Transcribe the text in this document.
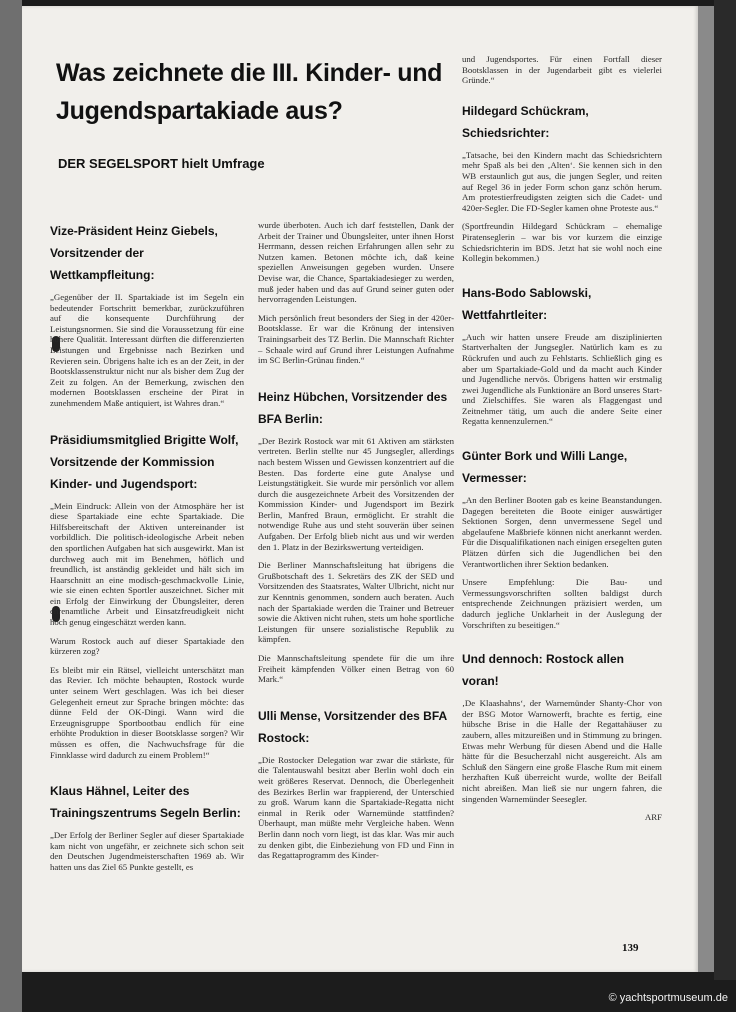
Was zeichnete die III. Kinder- und Jugendspartakiade aus?
DER SEGELSPORT hielt Umfrage
Vize-Präsident Heinz Giebels, Vorsitzender der Wettkampfleitung:

„Gegenüber der II. Spartakiade ist im Segeln ein bedeutender Fortschritt bemerkbar, zurückzuführen auf die konsequente Durchführung der Leistungsnormen. Sie sind die Voraussetzung für eine höhere Qualität. Interessant dürften die differenzierten Leistungen und Ergebnisse nach Bezirken und Revieren sein. Übrigens halte ich es an der Zeit, in der Bootsklassenstruktur nicht nur als bisher dem Zug der Zeit zu folgen. An der Bemerkung, zwischen den modernen Bootsklassen erscheine der Pirat in zunehmendem Maße antiquiert, ist Wahres dran.“

Präsidiumsmitglied Brigitte Wolf, Vorsitzende der Kommission Kinder- und Jugendsport:

„Mein Eindruck: Allein von der Atmosphäre her ist diese Spartakiade eine echte Spartakiade. Die Hilfsbereitschaft der Aktiven untereinander ist vorbildlich. Die politisch-ideologische Arbeit neben den sportlichen Aufgaben hat sich ausgewirkt. Man ist durchweg auch mit im Benehmen, höflich und freundlich, ist anständig gekleidet und hält sich im Haarschnitt an eine modisch-geschmackvolle Linie, wie sie einen echten Sportler auszeichnet. Sicher mit ein Erfolg der Einwirkung der Übungsleiter, deren ehrenamtliche Arbeit und Einsatzfreudigkeit nicht hoch genug eingeschätzt werden kann.

Warum Rostock auch auf dieser Spartakiade den kürzeren zog?

Es bleibt mir ein Rätsel, vielleicht unterschätzt man das Revier. Ich möchte behaupten, Rostock wurde unter seinem Wert geschlagen. Was ich bei dieser Gelegenheit erneut zur Sprache bringen möchte: das dünne Feld der OK-Dingi. Wann wird die Erzeugnisgruppe Sportbootbau endlich für eine erhöhte Produktion in dieser Bootsklasse sorgen? Wir müssen es offen, die Nachwuchsfrage für die Finnklasse wird dadurch zu einem Problem!“

Klaus Hähnel, Leiter des Trainingszentrums Segeln Berlin:

„Der Erfolg der Berliner Segler auf dieser Spartakiade kam nicht von ungefähr, er zeichnete sich schon seit den Deutschen Jugendmeisterschaften 1969 ab. Wir hatten uns das Ziel 65 Punkte gestellt, es

wurde überboten. Auch ich darf feststellen, Dank der Arbeit der Trainer und Übungsleiter, unter ihnen Horst Herrmann, dessen reichen Erfahrungen allen sehr zu Nutzen kamen. Betonen möchte ich, daß keine speziellen Anweisungen gegeben wurden. Unsere Devise war, die Chance, Spartakiadesieger zu werden, muß jeder haben und das auf Grund seiner guten oder hervorragenden Leistungen.

Mich persönlich freut besonders der Sieg in der 420er-Bootsklasse. Er war die Krönung der intensiven Trainingsarbeit des TZ Berlin. Die Mannschaft Richter – Schaale wird auf Grund ihrer Leistungen Aufnahme im SC Berlin-Grünau finden.“

Heinz Hübchen, Vorsitzender des BFA Berlin:

„Der Bezirk Rostock war mit 61 Aktiven am stärksten vertreten. Berlin stellte nur 45 Jungsegler, allerdings nach bestem Wissen und Gewissen konzentriert auf die Besten. Das forderte eine gute Analyse und Leistungstätigkeit. Sie wurde mir persönlich vor allem durch die ausgezeichnete Arbeit des Vorsitzenden der Kommission Kinder- und Jugendsport im Bezirk Berlin, Manfred Braun, ermöglicht. Er strahlt die notwendige Ruhe aus und steht souverän über seinen Aufgaben. Der Erfolg blieb nicht aus und wir werden den 1. Platz in der Bezirkswertung verteidigen.

Die Berliner Mannschaftsleitung hat übrigens die Grußbotschaft des 1. Sekretärs des ZK der SED und Vorsitzenden des Staatsrates, Walter Ulbricht, nicht nur zur Kenntnis genommen, sondern auch beraten. Auch nach der Spartakiade werden die Trainer und Betreuer sowie die Aktiven nicht ruhen, stets um hohe sportliche Leistungen für unsere sozialistische Republik zu kämpfen.

Die Mannschaftsleitung spendete für die um ihre Freiheit kämpfenden Völker einen Betrag von 60 Mark.“

Ulli Mense, Vorsitzender des BFA Rostock:

„Die Rostocker Delegation war zwar die stärkste, für die Talentauswahl besitzt aber Berlin wohl doch ein weit größeres Reservat. Dennoch, die Überlegenheit des Bezirkes Berlin war frappierend, der Unterschied zu groß. Warum kann die Spartakiade-Regatta nicht einmal in Rerik oder Warnemünde stattfinden? Überhaupt, man müßte mehr Vergleiche haben. Wenn Berlin dann noch vorn liegt, ist das klar. Was mir auch zu denken gibt, die Einbeziehung von FD und Finn in das Regattaprogramm des Kinder-

und Jugendsportes. Für einen Fortfall dieser Bootsklassen in der Jugendarbeit gibt es vielerlei Gründe.“

Hildegard Schückram, Schiedsrichter:

„Tatsache, bei den Kindern macht das Schiedsrichtern mehr Spaß als bei den ‚Alten‘. Sie kennen sich in den WB erstaunlich gut aus, die jungen Segler, und reiten auf Regel 36 in jeder Form schon ganz schön herum. Am protestierfreudigsten zeigten sich die Cadet- und 420er-Segler. Die FD-Segler kamen ohne Proteste aus.“

(Sportfreundin Hildegard Schückram – ehemalige Piratenseglerin – war bis vor kurzem die einzige Schiedsrichterin im BDS. Jetzt hat sie wohl noch eine Kollegin bekommen.)

Hans-Bodo Sablowski, Wettfahrtleiter:

„Auch wir hatten unsere Freude am disziplinierten Startverhalten der Jungsegler. Natürlich kam es zu Rückrufen und auch zu Fehlstarts. Schließlich ging es aber um Spartakiade-Gold und da macht auch Kinder und Jugendliche nervös. Übrigens hatten wir erstmalig zwei Jugendliche als Funktionäre an Bord unseres Start- und Zielschiffes. Sie waren als Flaggengast und Zeitnehmer tätig, um auch die andere Seite einer Regatta kennenzulernen.“

Günter Bork und Willi Lange, Vermesser:

„An den Berliner Booten gab es keine Beanstandungen. Dagegen bereiteten die Boote einiger auswärtiger Sektionen Sorgen, denn unvermessene Segel und abgelaufene Maßbriefe können nicht anerkannt werden. Für die Disqualifikationen nach einigen ersegelten guten Plätzen dürfen sich die Jugendlichen bei den Verantwortlichen ihrer Sektion bedanken.

Unsere Empfehlung: Die Bau- und Vermessungsvorschriften sollten baldigst durch entsprechende Zeichnungen präzisiert werden, um dadurch jegliche Unklarheit in der Auslegung der Vorschriften zu beseitigen.“

Und dennoch: Rostock allen voran!

‚De Klaashahns‘, der Warnemünder Shanty-Chor von der BSG Motor Warnowerft, brachte es fertig, eine hübsche Brise in die Halle der Regattahäuser zu zaubern, alles mitzureißen und in Stimmung zu bringen. Etwas mehr Werbung für diesen Abend und die Halle hätte für die Besucherzahl nicht ausgereicht. Als am Schluß den Sängern eine große Flasche Rum mit einem herzhaften Kuß überreicht wurde, wollte der Beifall nicht abreißen. Man ließ sie nur ungern fahren, die singenden Warnemünder Seesegler.

ARF

139
© yachtsportmuseum.de
